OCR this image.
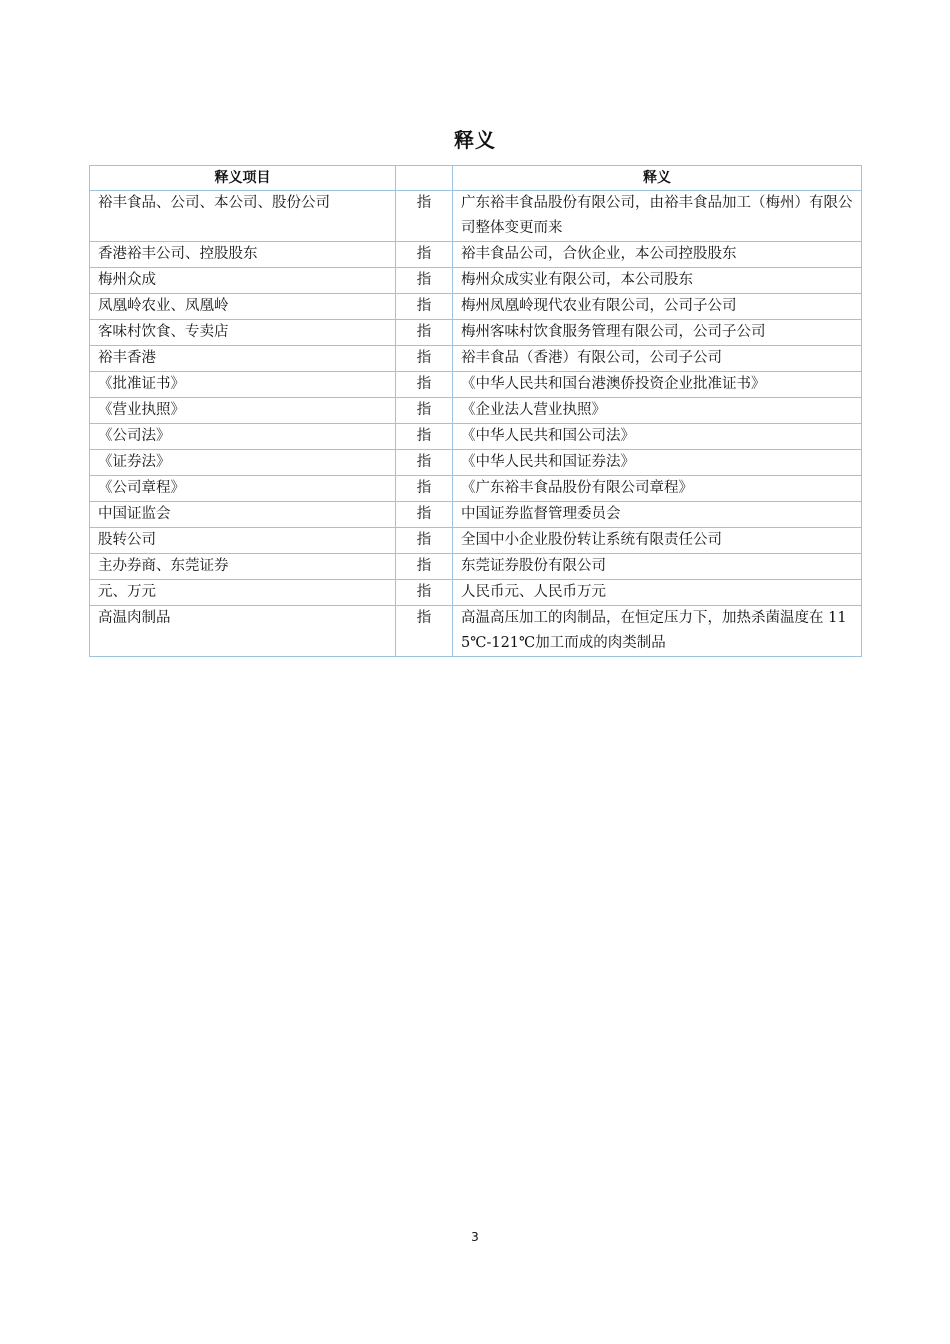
释义
释义项目		释义
裕丰食品、公司、本公司、股份公司	指	广东裕丰食品股份有限公司，由裕丰食品加工（梅州）有限公司整体变更而来
香港裕丰公司、控股股东	指	裕丰食品公司，合伙企业，本公司控股股东
梅州众成	指	梅州众成实业有限公司，本公司股东
凤凰岭农业、凤凰岭	指	梅州凤凰岭现代农业有限公司，公司子公司
客味村饮食、专卖店	指	梅州客味村饮食服务管理有限公司，公司子公司
裕丰香港	指	裕丰食品（香港）有限公司，公司子公司
《批准证书》	指	《中华人民共和国台港澳侨投资企业批准证书》
《营业执照》	指	《企业法人营业执照》
《公司法》	指	《中华人民共和国公司法》
《证券法》	指	《中华人民共和国证券法》
《公司章程》	指	《广东裕丰食品股份有限公司章程》
中国证监会	指	中国证券监督管理委员会
股转公司	指	全国中小企业股份转让系统有限责任公司
主办券商、东莞证券	指	东莞证券股份有限公司
元、万元	指	人民币元、人民币万元
高温肉制品	指	高温高压加工的肉制品，在恒定压力下，加热杀菌温度在 115℃-121℃加工而成的肉类制品
3
